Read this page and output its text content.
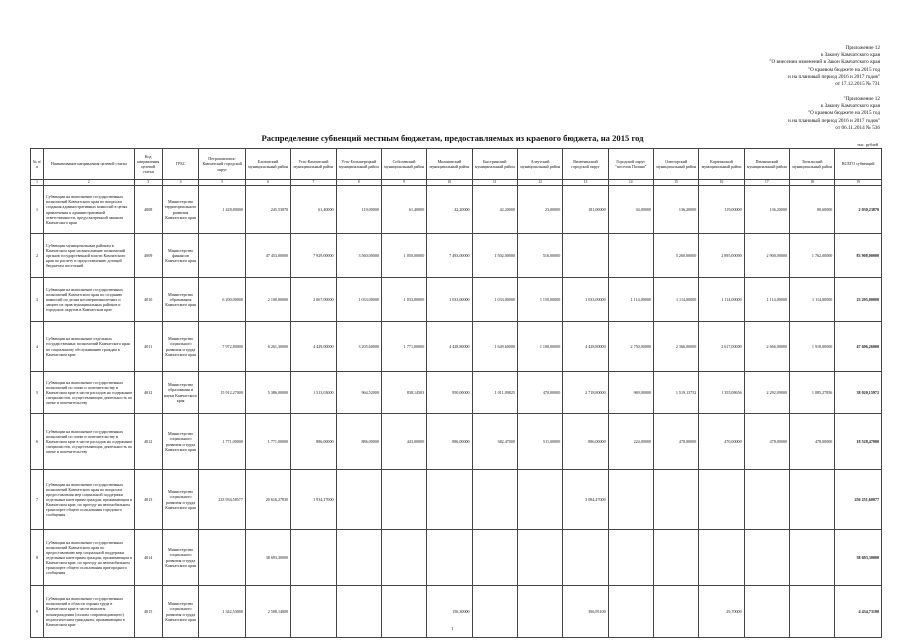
Приложение 12
к Закону Камчатского края
"О внесении изменений в Закон Камчатского края
"О краевом бюджете на 2015 год
и на плановый период 2016 и 2017 годов"
от 17.12.2015 № 731
"Приложение 12
к Закону Камчатского края
"О краевом бюджете на 2015 год
и на плановый период 2016 и 2017 годов"
от 06.11.2014 № 536
Распределение субвенций местным бюджетам, предоставляемых из краевого бюджета, на 2015 год
тыс. рублей
№ п/п	Наименование направления целевой статьи	Код направления целевой статьи	ГРБС	Петропавловск-Камчатский городской округ	Елизовский муниципальный район	Усть-Камчатский муниципальный район	Усть-Большерецкий муниципальный район	Соболевский муниципальный район	Мильковский муниципальный район	Быстринский муниципальный район	Алеутский муниципальный район	Вилючинский городской округ	Городской округ "поселок Палана"	Олюторский муниципальный район	Карагинский муниципальный район	Пенжинский муниципальный район	Тигильский муниципальный район	ВСЕГО субвенций
1	2	3	4	5	6	7	8	9	10	11	12	13	14	15	16	17	18	19
1	Субвенции на выполнение государственных полномочий Камчатского края по вопросам создания административных комиссий в целях привлечения к административной ответственности, предусмотренной законом Камчатского края	4008	Министерство территориального развития Камчатского края	1 428,80000	245,53870	61,40000	119,00000	61,40000	42,20000	42,20000	23,00000	181,00000	34,00000	136,20000	119,00000	136,20000	80,60000	2 030,23870
2	Субвенции муниципальным районам в Камчатском крае на выполнение полномочий органов государственной власти Камчатского края по расчету и предоставлению дотаций бюджетам поселений	4009	Министерство финансов Камчатского края		47 453,00000	7 929,00000	3 560,00000	1 050,00000	7 493,00000	1 502,00000	516,00000			5 260,00000	2 895,00000	2 900,00000	1 762,00000	83 908,00000
3	Субвенции на выполнение государственных полномочий Камчатского края по созданию комиссий по делам несовершеннолетних и защите их прав муниципальных районов и городских округов в Камчатском крае	4010	Министерство образования Камчатского края	6 200,00000	2 100,00000	2 067,00000	1 033,00000	1 033,00000	1 033,00000	1 033,00000	1 150,00000	1 033,00000	1 114,00000	1 114,00000	1 114,00000	1 114,00000	1 114,00000	23 295,00000
4	Субвенции на выполнение отдельных государственных полномочий Камчатского края по социальному обслуживанию граждан в Камчатском крае	4011	Министерство социального развития и труда Камчатского края	7 972,80000	6 261,30000	4 429,00000	3 205,60000	1 771,00000	4 428,80000	1 649,60000	1 100,00000	4 428,80000	2 750,00000	2 366,00000	2 617,00000	2 666,00000	1 918,00000	47 696,26000
5	Субвенции на выполнение государственных полномочий по опеке и попечительству в Камчатском крае в части расходов на содержание специалистов, осуществляющих деятельность по опеке и попечительству	4012	Министерство образования и науки Камчатского края	15 912,27000	5 386,00000	1 513,03000	964,52000	838,14503	950,00000	1 011,09825	470,00000	2 718,80000	969,00000	1 519,13752	1 355,08656	2 292,09000	1 085,27856	38 020,15972
6	Субвенции на выполнение государственных полномочий по опеке и попечительству в Камчатском крае в части расходов на содержание специалистов, осуществляющих деятельность по опеке и попечительству	4012	Министерство социального развития и труда Камчатского края	1 771,00000	1 771,00000	886,00000	886,00000	443,00000	886,00000	382,47000	511,00000	886,00000	224,00000	478,00000	470,00000	478,00000	478,00000	18 528,47000
7	Субвенции на выполнение государственных полномочий Камчатского края по вопросам предоставления мер социальной поддержки отдельным категориям граждан, проживающим в Камчатском крае, по проезду на автомобильном транспорте общего пользования городского сообщения	4013	Министерство социального развития и труда Камчатского края	233 934,58577	20 616,27830	1 934,17000						3 084,47000						256 251,60077
8	Субвенции на выполнение государственных полномочий Камчатского края по предоставлению мер социальной поддержки отдельным категориям граждан, проживающим в Камчатском крае, по проезду на автомобильном транспорте общего пользования пригородного сообщения	4014	Министерство социального развития и труда Камчатского края		38 693,30000													38 693,30000
9	Субвенции на выполнение государственных полномочий в области охраны труда в Камчатском крае в части выплаты вознаграждения (оплаты сопровождающего) педагогическим гражданам, проживающим в Камчатском крае	4015	Министерство социального развития и труда Камчатского края	1 342,53000	2 508,14000				156,30000			396,95100			29,70000			4 434,73100
1
